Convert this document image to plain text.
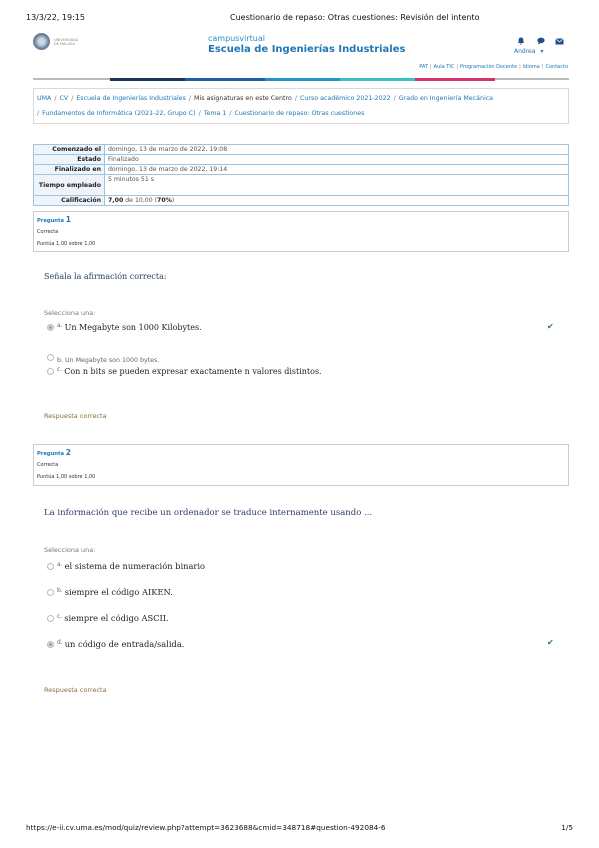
13/3/22, 19:15	Cuestionario de repaso: Otras cuestiones: Revisión del intento
UNIVERSIDAD
DE MÁLAGA
campusvirtual
Escuela de Ingenierías Industriales	Andrea ▾
PAT | Aula TIC | Programación Docente | Idioma | Contacto
UMA / CV / Escuela de Ingenierías Industriales / Mis asignaturas en este Centro / Curso académico 2021-2022 / Grado en Ingeniería Mecánica
/ Fundamentos de Informática (2021-22, Grupo C) / Tema 1 / Cuestionario de repaso: Otras cuestiones
Comenzado el	domingo, 13 de marzo de 2022, 19:08
Estado	Finalizado
Finalizado en	domingo, 13 de marzo de 2022, 19:14
Tiempo empleado	5 minutos 51 s
Calificación	7,00 de 10,00 (70%)
Pregunta 1
Correcta
Puntúa 1,00 sobre 1,00
Señala la afirmación correcta:
Selecciona una:
$^{a.}$ Un Megabyte son 1000 Kilobytes.	✔
b. Un Megabyte son 1000 bytes.
$^{c.}$ Con n bits se pueden expresar exactamente n valores distintos.
Respuesta correcta
Pregunta 2
Correcta
Puntúa 1,00 sobre 1,00
La información que recibe un ordenador se traduce internamente usando ...
Selecciona una:
$^{a.}$ el sistema de numeración binario
$^{b.}$ siempre el código AIKEN.
$^{c.}$ siempre el código ASCII.
$^{d.}$ un código de entrada/salida.	✔
Respuesta correcta
https://e-ii.cv.uma.es/mod/quiz/review.php?attempt=3623688&cmid=348718#question-492084-6	1/5
